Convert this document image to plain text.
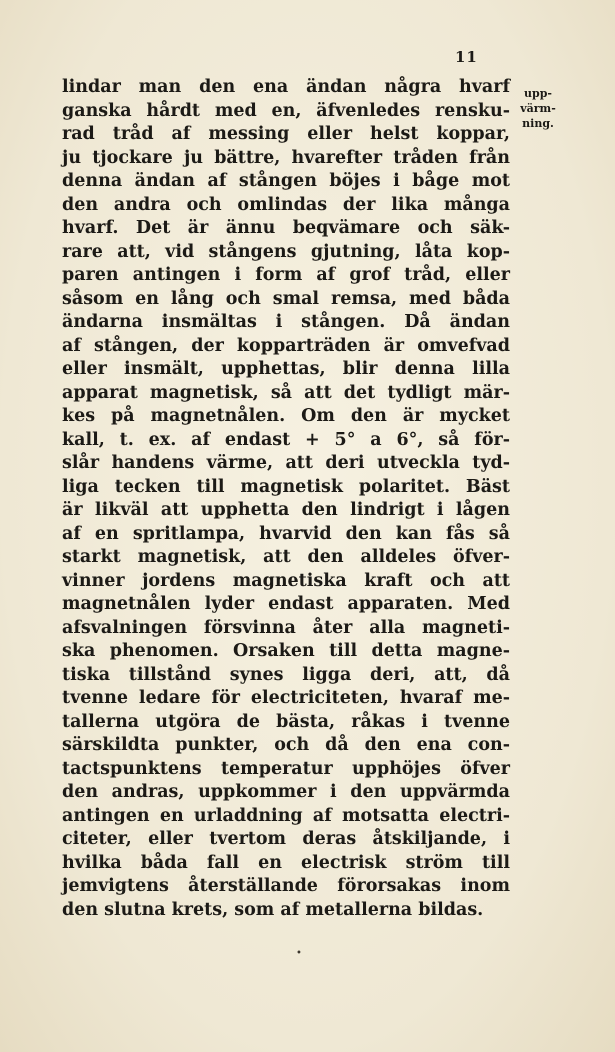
11
upp-
värm-
ning.
lindar man den ena ändan några hvarf
ganska hårdt med en, äfvenledes rensku-
rad tråd af messing eller helst koppar,
ju tjockare ju bättre, hvarefter tråden från
denna ändan af stången böjes i båge mot
den andra och omlindas der lika många
hvarf. Det är ännu beqvämare och säk-
rare att, vid stångens gjutning, låta kop-
paren antingen i form af grof tråd, eller
såsom en lång och smal remsa, med båda
ändarna insmältas i stången. Då ändan
af stången, der kopparträden är omvefvad
eller insmält, upphettas, blir denna lilla
apparat magnetisk, så att det tydligt mär-
kes på magnetnålen. Om den är mycket
kall, t. ex. af endast + 5° a 6°, så för-
slår handens värme, att deri utveckla tyd-
liga tecken till magnetisk polaritet. Bäst
är likväl att upphetta den lindrigt i lågen
af en spritlampa, hvarvid den kan fås så
starkt magnetisk, att den alldeles öfver-
vinner jordens magnetiska kraft och att
magnetnålen lyder endast apparaten. Med
afsvalningen försvinna åter alla magneti-
ska phenomen. Orsaken till detta magne-
tiska tillstånd synes ligga deri, att, då
tvenne ledare för electriciteten, hvaraf me-
tallerna utgöra de bästa, råkas i tvenne
särskildta punkter, och då den ena con-
tactspunktens temperatur upphöjes öfver
den andras, uppkommer i den uppvärmda
antingen en urladdning af motsatta electri-
citeter, eller tvertom deras åtskiljande, i
hvilka båda fall en electrisk ström till
jemvigtens återställande förorsakas inom
den slutna krets, som af metallerna bildas.
•
